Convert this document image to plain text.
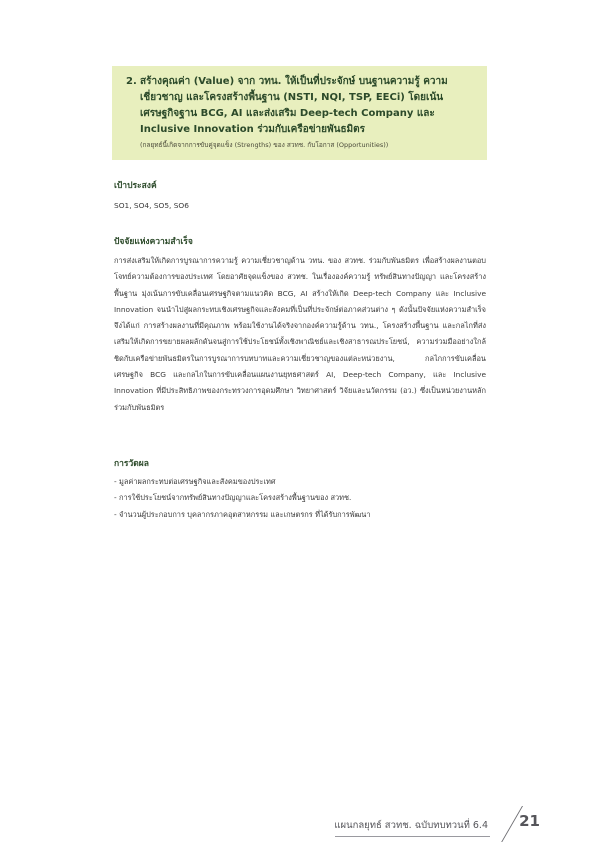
2. สร้างคุณค่า (Value) จาก วทน. ให้เป็นที่ประจักษ์ บนฐานความรู้ ความเชี่ยวชาญ และโครงสร้างพื้นฐาน (NSTI, NQI, TSP, EECi) โดยเน้นเศรษฐกิจฐาน BCG, AI และส่งเสริม Deep-tech Company และ Inclusive Innovation ร่วมกับเครือข่ายพันธมิตร

(กลยุทธ์นี้เกิดจากการขับคู่จุดแข็ง (Strengths) ของ สวทช. กับโอกาส (Opportunities))

เป้าประสงค์

SO1, SO4, SO5, SO6

ปัจจัยแห่งความสำเร็จ

การส่งเสริมให้เกิดการบูรณาการความรู้ ความเชี่ยวชาญด้าน วทน. ของ สวทช. ร่วมกับพันธมิตร เพื่อสร้างผลงานตอบโจทย์ความต้องการของประเทศ โดยอาศัยจุดแข็งของ สวทช. ในเรื่ององค์ความรู้ ทรัพย์สินทางปัญญา และโครงสร้างพื้นฐาน มุ่งเน้นการขับเคลื่อนเศรษฐกิจตามแนวคิด BCG, AI สร้างให้เกิด Deep-tech Company และ Inclusive Innovation จนนำไปสู่ผลกระทบเชิงเศรษฐกิจและสังคมที่เป็นที่ประจักษ์ต่อภาคส่วนต่าง ๆ ดังนั้นปัจจัยแห่งความสำเร็จ จึงได้แก่ การสร้างผลงานที่มีคุณภาพ พร้อมใช้งานได้จริงจากองค์ความรู้ด้าน วทน., โครงสร้างพื้นฐาน และกลไกที่ส่งเสริมให้เกิดการขยายผลผลักดันจนสู่การใช้ประโยชน์ทั้งเชิงพาณิชย์และเชิงสาธารณประโยชน์, ความร่วมมืออย่างใกล้ชิดกับเครือข่ายพันธมิตรในการบูรณาการบทบาทและความเชี่ยวชาญของแต่ละหน่วยงาน, กลไกการขับเคลื่อนเศรษฐกิจ BCG และกลไกในการขับเคลื่อนแผนงานยุทธศาสตร์ AI, Deep-tech Company, และ Inclusive Innovation ที่มีประสิทธิภาพของกระทรวงการอุดมศึกษา วิทยาศาสตร์ วิจัยและนวัตกรรม (อว.) ซึ่งเป็นหน่วยงานหลัก ร่วมกับพันธมิตร

การวัดผล

- มูลค่าผลกระทบต่อเศรษฐกิจและสังคมของประเทศ
- การใช้ประโยชน์จากทรัพย์สินทางปัญญาและโครงสร้างพื้นฐานของ สวทช.
- จำนวนผู้ประกอบการ บุคลากรภาคอุตสาหกรรม และเกษตรกร ที่ได้รับการพัฒนา
แผนกลยุทธ์ สวทช. ฉบับทบทวนที่ 6.4 21
